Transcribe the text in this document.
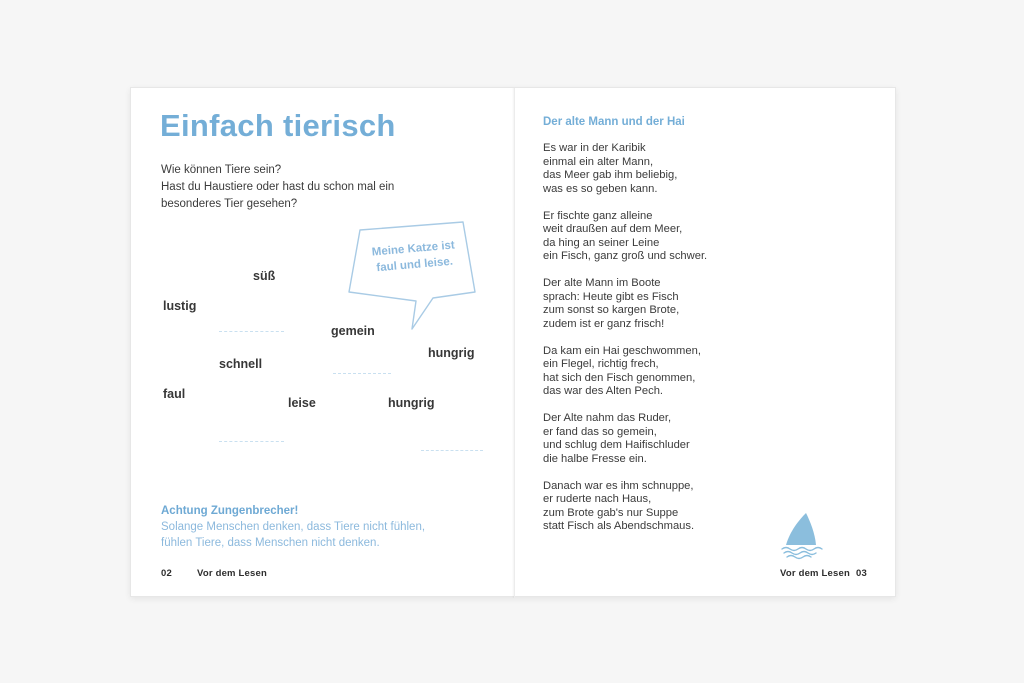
Einfach tierisch
Wie können Tiere sein?
Hast du Haustiere oder hast du schon mal ein
besonderes Tier gesehen?
süß
lustig
gemein
schnell
hungrig
faul
leise	hungrig
Meine Katze ist
faul und leise.
Achtung Zungenbrecher!
Solange Menschen denken, dass Tiere nicht fühlen,
fühlen Tiere, dass Menschen nicht denken.
02	Vor dem Lesen
Der alte Mann und der Hai
Es war in der Karibik
einmal ein alter Mann,
das Meer gab ihm beliebig,
was es so geben kann.
Er fischte ganz alleine
weit draußen auf dem Meer,
da hing an seiner Leine
ein Fisch, ganz groß und schwer.
Der alte Mann im Boote
sprach: Heute gibt es Fisch
zum sonst so kargen Brote,
zudem ist er ganz frisch!
Da kam ein Hai geschwommen,
ein Flegel, richtig frech,
hat sich den Fisch genommen,
das war des Alten Pech.
Der Alte nahm das Ruder,
er fand das so gemein,
und schlug dem Haifischluder
die halbe Fresse ein.
Danach war es ihm schnuppe,
er ruderte nach Haus,
zum Brote gab's nur Suppe
statt Fisch als Abendschmaus.
Vor dem Lesen 03
